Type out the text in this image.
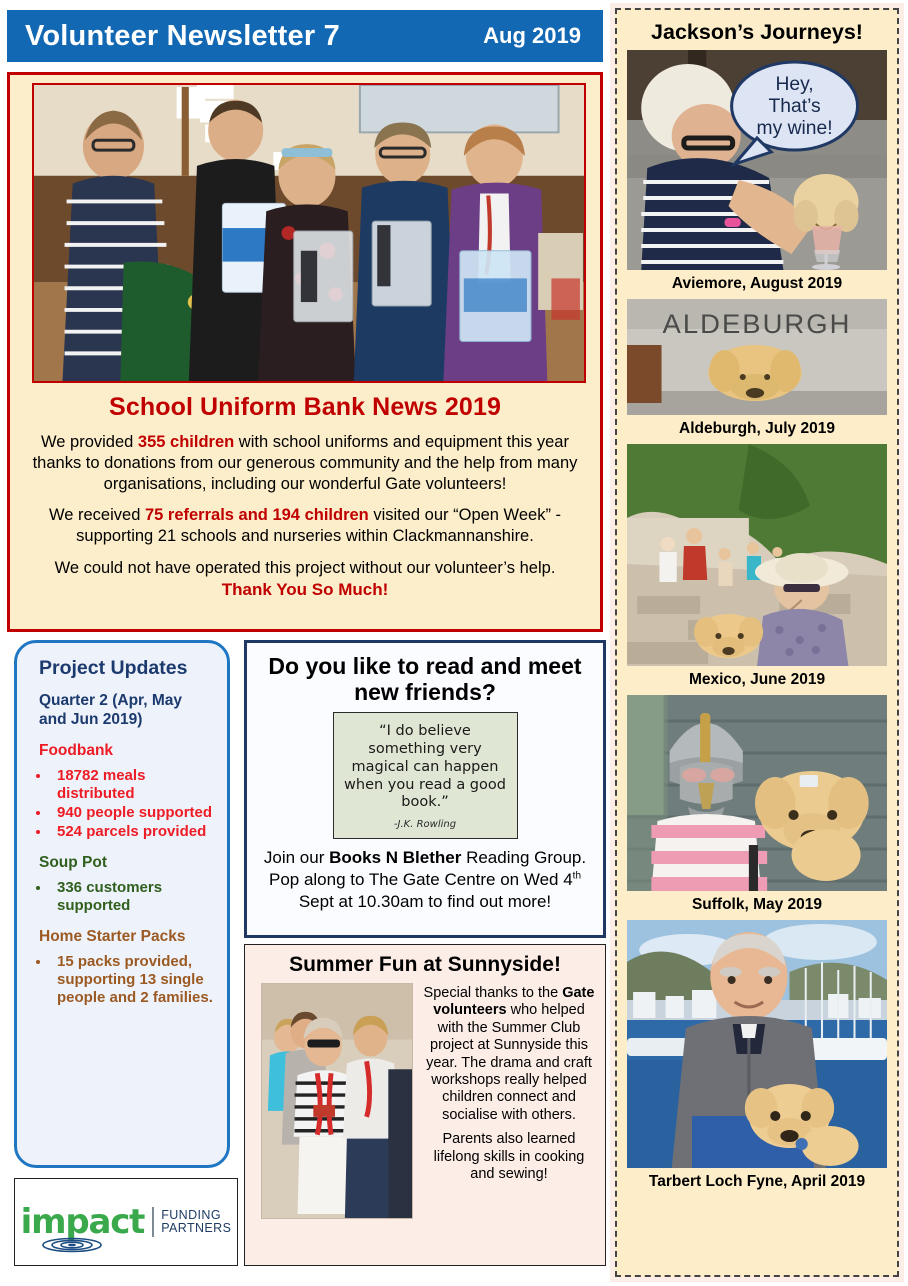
Volunteer Newsletter 7	Aug 2019
School Uniform Bank News 2019
We provided 355 children with school uniforms and equipment this year thanks to donations from our generous community and the help from many organisations, including our wonderful Gate volunteers!
We received 75 referrals and 194 children visited our “Open Week” - supporting 21 schools and nurseries within Clackmannanshire.
We could not have operated this project without our volunteer’s help.
Thank You So Much!
Project Updates
Quarter 2 (Apr, May and Jun 2019)
Foodbank
• 18782 meals distributed
• 940 people supported
• 524 parcels provided
Soup Pot
• 336 customers supported
Home Starter Packs
• 15 packs provided, supporting 13 single people and 2 families.
impact FUNDING
PARTNERS
Do you like to read and meet new friends?
“I do believe something very magical can happen when you read a good book.”
-J.K. Rowling
Join our Books N Blether Reading Group. Pop along to The Gate Centre on Wed 4th Sept at 10.30am to find out more!
Summer Fun at Sunnyside!

Special thanks to the Gate volunteers who helped with the Summer Club project at Sunnyside this year. The drama and craft workshops really helped children connect and socialise with others.

Parents also learned lifelong skills in cooking and sewing!

Jackson’s Journeys!
Hey,
That’s
my wine!
Aviemore, August 2019
ALDEBURGH
Aldeburgh, July 2019
Mexico, June 2019
Suffolk, May 2019
Tarbert Loch Fyne, April 2019
